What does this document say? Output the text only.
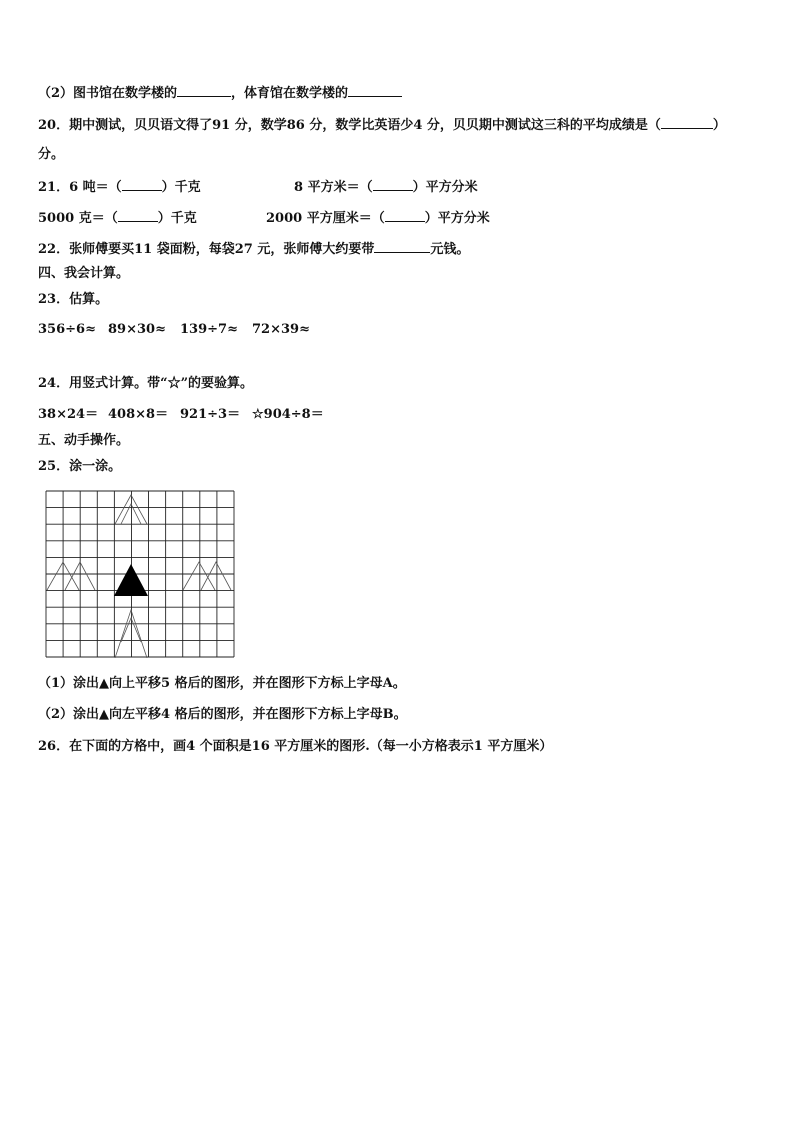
（2）图书馆在数学楼的	，体育馆在数学楼的
20．期中测试，贝贝语文得了91 分，数学86 分，数学比英语少4 分，贝贝期中测试这三科的平均成绩是（	）
分。
21．6 吨＝（	）千克	8 平方米＝（	）平方分米
5000 克＝（	）千克	2000 平方厘米＝（	）平方分米
22．张师傅要买11 袋面粉，每袋27 元，张师傅大约要带	元钱。
四、我会计算。
23．估算。
356÷6≈ 89×30≈ 139÷7≈ 72×39≈
24．用竖式计算。带“☆”的要验算。
38×24＝ 408×8＝ 921÷3＝ ☆904÷8＝
五、动手操作。
25．涂一涂。
（1）涂出▲向上平移5 格后的图形，并在图形下方标上字母A。
（2）涂出▲向左平移4 格后的图形，并在图形下方标上字母B。
26．在下面的方格中，画4 个面积是16 平方厘米的图形.（每一小方格表示1 平方厘米）
